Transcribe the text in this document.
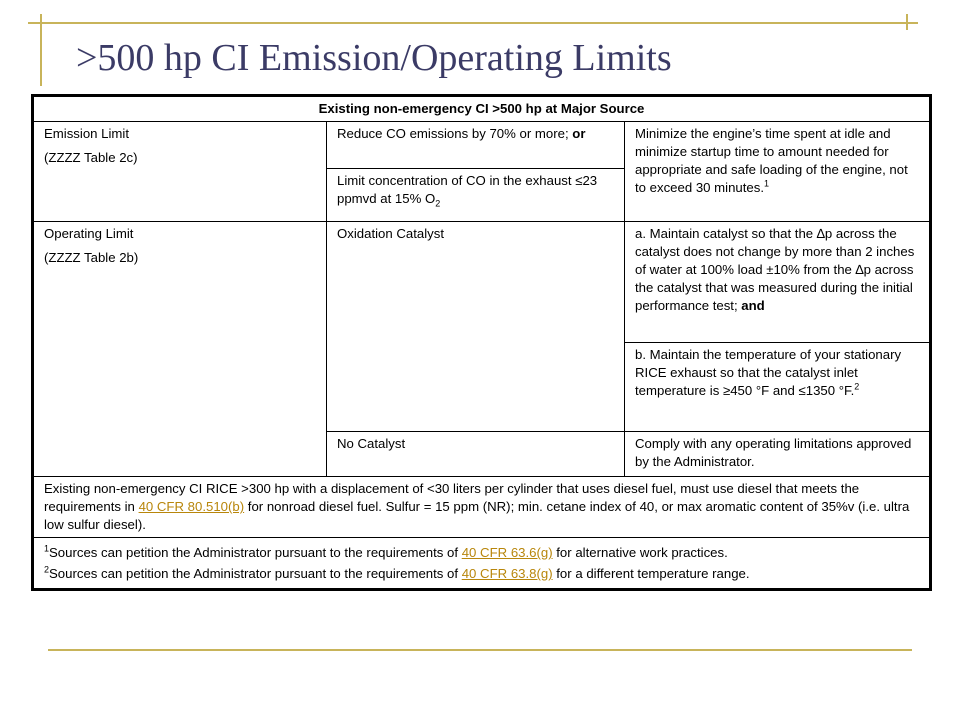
>500 hp CI Emission/Operating Limits
Existing non-emergency CI >500 hp at Major Source		

Emission Limit
(ZZZZ Table 2c)	Reduce CO emissions by 70% or more; or	Minimize the engine’s time spent at idle and minimize startup time to amount needed for appropriate and safe loading of the engine, not to exceed 30 minutes.$^1$
	Limit concentration of CO in the exhaust ≤23 ppmvd at 15% $O_2$

Operating Limit
(ZZZZ Table 2b)	Oxidation Catalyst	a. Maintain catalyst so that the ∆p across the catalyst does not change by more than 2 inches of water at 100% load ±10% from the ∆p across the catalyst that was measured during the initial performance test; and
		b. Maintain the temperature of your stationary RICE exhaust so that the catalyst inlet temperature is ≥450 °F and ≤1350 °F.$^2$
	No Catalyst	Comply with any operating limitations approved by the Administrator.
Existing non-emergency CI RICE >300 hp with a displacement of <30 liters per cylinder that uses diesel fuel, must use diesel that meets the requirements in 40 CFR 80.510(b) for nonroad diesel fuel. Sulfur = 15 ppm (NR); min. cetane index of 40, or max aromatic content of 35%v (i.e. ultra low sulfur diesel).		

$^1$Sources can petition the Administrator pursuant to the requirements of 40 CFR 63.6(g) for alternative work practices.
$^2$Sources can petition the Administrator pursuant to the requirements of 40 CFR 63.8(g) for a different temperature range.		
